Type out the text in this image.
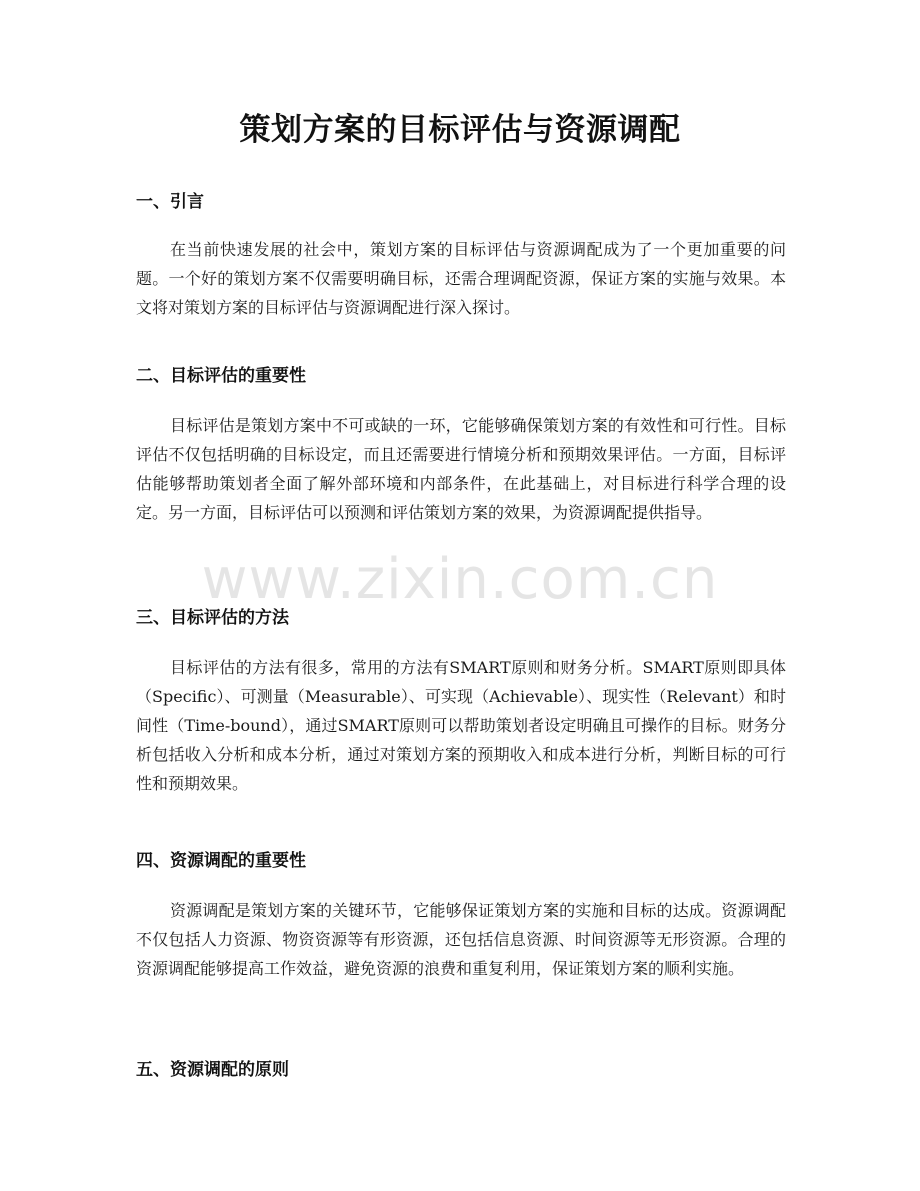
策划方案的目标评估与资源调配
一、引言

在当前快速发展的社会中，策划方案的目标评估与资源调配成为了一个更加重要的问题。一个好的策划方案不仅需要明确目标，还需合理调配资源，保证方案的实施与效果。本文将对策划方案的目标评估与资源调配进行深入探讨。

二、目标评估的重要性

目标评估是策划方案中不可或缺的一环，它能够确保策划方案的有效性和可行性。目标评估不仅包括明确的目标设定，而且还需要进行情境分析和预期效果评估。一方面，目标评估能够帮助策划者全面了解外部环境和内部条件，在此基础上，对目标进行科学合理的设定。另一方面，目标评估可以预测和评估策划方案的效果，为资源调配提供指导。

三、目标评估的方法

目标评估的方法有很多，常用的方法有SMART原则和财务分析。SMART原则即具体（Specific）、可测量（Measurable）、可实现（Achievable）、现实性（Relevant）和时间性（Time-bound），通过SMART原则可以帮助策划者设定明确且可操作的目标。财务分析包括收入分析和成本分析，通过对策划方案的预期收入和成本进行分析，判断目标的可行性和预期效果。

四、资源调配的重要性

资源调配是策划方案的关键环节，它能够保证策划方案的实施和目标的达成。资源调配不仅包括人力资源、物资资源等有形资源，还包括信息资源、时间资源等无形资源。合理的资源调配能够提高工作效益，避免资源的浪费和重复利用，保证策划方案的顺利实施。

五、资源调配的原则
www.zixin.com.cn
